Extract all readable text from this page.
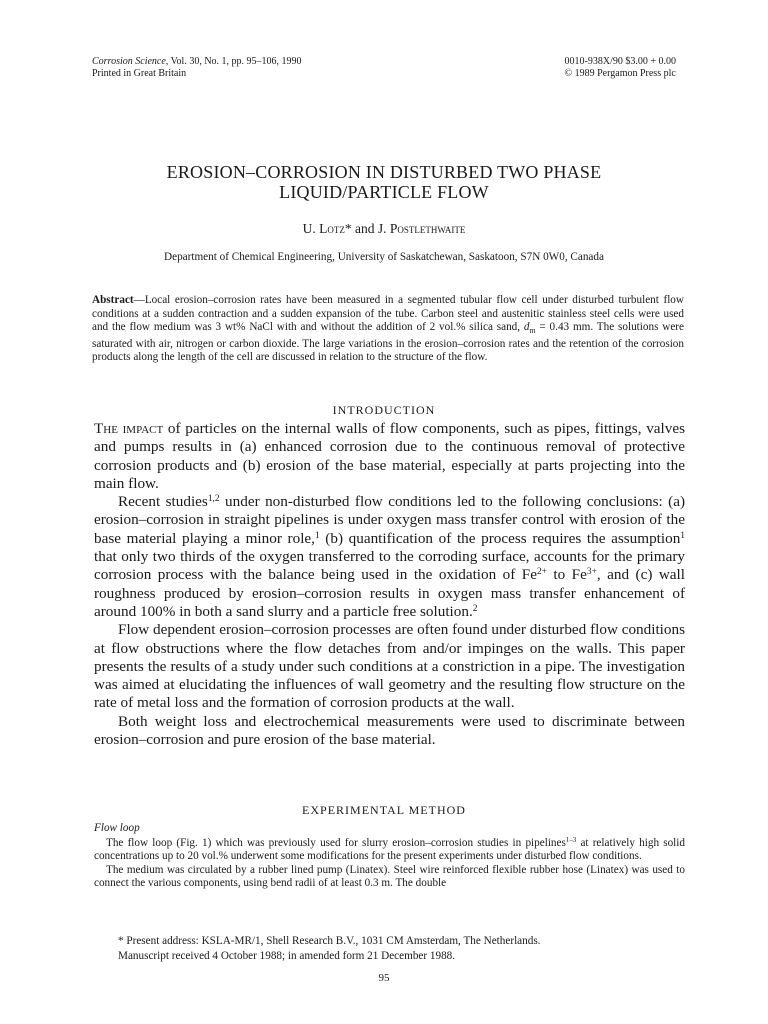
Corrosion Science, Vol. 30, No. 1, pp. 95–106, 1990
Printed in Great Britain
0010-938X/90 $3.00 + 0.00
© 1989 Pergamon Press plc
EROSION–CORROSION IN DISTURBED TWO PHASE
LIQUID/PARTICLE FLOW
U. Lotz* and J. Postlethwaite
Department of Chemical Engineering, University of Saskatchewan, Saskatoon, S7N 0W0, Canada

Abstract—Local erosion–corrosion rates have been measured in a segmented tubular flow cell under disturbed turbulent flow conditions at a sudden contraction and a sudden expansion of the tube. Carbon steel and austenitic stainless steel cells were used and the flow medium was 3 wt% NaCl with and without the addition of 2 vol.% silica sand, $d_m = 0.43$ mm. The solutions were saturated with air, nitrogen or carbon dioxide. The large variations in the erosion–corrosion rates and the retention of the corrosion products along the length of the cell are discussed in relation to the structure of the flow.

INTRODUCTION

The impact of particles on the internal walls of flow components, such as pipes, fittings, valves and pumps results in (a) enhanced corrosion due to the continuous removal of protective corrosion products and (b) erosion of the base material, especially at parts projecting into the main flow.

Recent studies$^{1,2}$ under non-disturbed flow conditions led to the following conclusions: (a) erosion–corrosion in straight pipelines is under oxygen mass transfer control with erosion of the base material playing a minor role,$^1$ (b) quantification of the process requires the assumption$^1$ that only two thirds of the oxygen transferred to the corroding surface, accounts for the primary corrosion process with the balance being used in the oxidation of $Fe^{2+}$ to $Fe^{3+}$, and (c) wall roughness produced by erosion–corrosion results in oxygen mass transfer enhancement of around 100% in both a sand slurry and a particle free solution.$^2$

Flow dependent erosion–corrosion processes are often found under disturbed flow conditions at flow obstructions where the flow detaches from and/or impinges on the walls. This paper presents the results of a study under such conditions at a constriction in a pipe. The investigation was aimed at elucidating the influences of wall geometry and the resulting flow structure on the rate of metal loss and the formation of corrosion products at the wall.

Both weight loss and electrochemical measurements were used to discriminate between erosion–corrosion and pure erosion of the base material.

EXPERIMENTAL METHOD
Flow loop

The flow loop (Fig. 1) which was previously used for slurry erosion–corrosion studies in pipelines$^{1-3}$ at relatively high solid concentrations up to 20 vol.% underwent some modifications for the present experiments under disturbed flow conditions.

The medium was circulated by a rubber lined pump (Linatex). Steel wire reinforced flexible rubber hose (Linatex) was used to connect the various components, using bend radii of at least 0.3 m. The double

* Present address: KSLA-MR/1, Shell Research B.V., 1031 CM Amsterdam, The Netherlands.
Manuscript received 4 October 1988; in amended form 21 December 1988.
95
